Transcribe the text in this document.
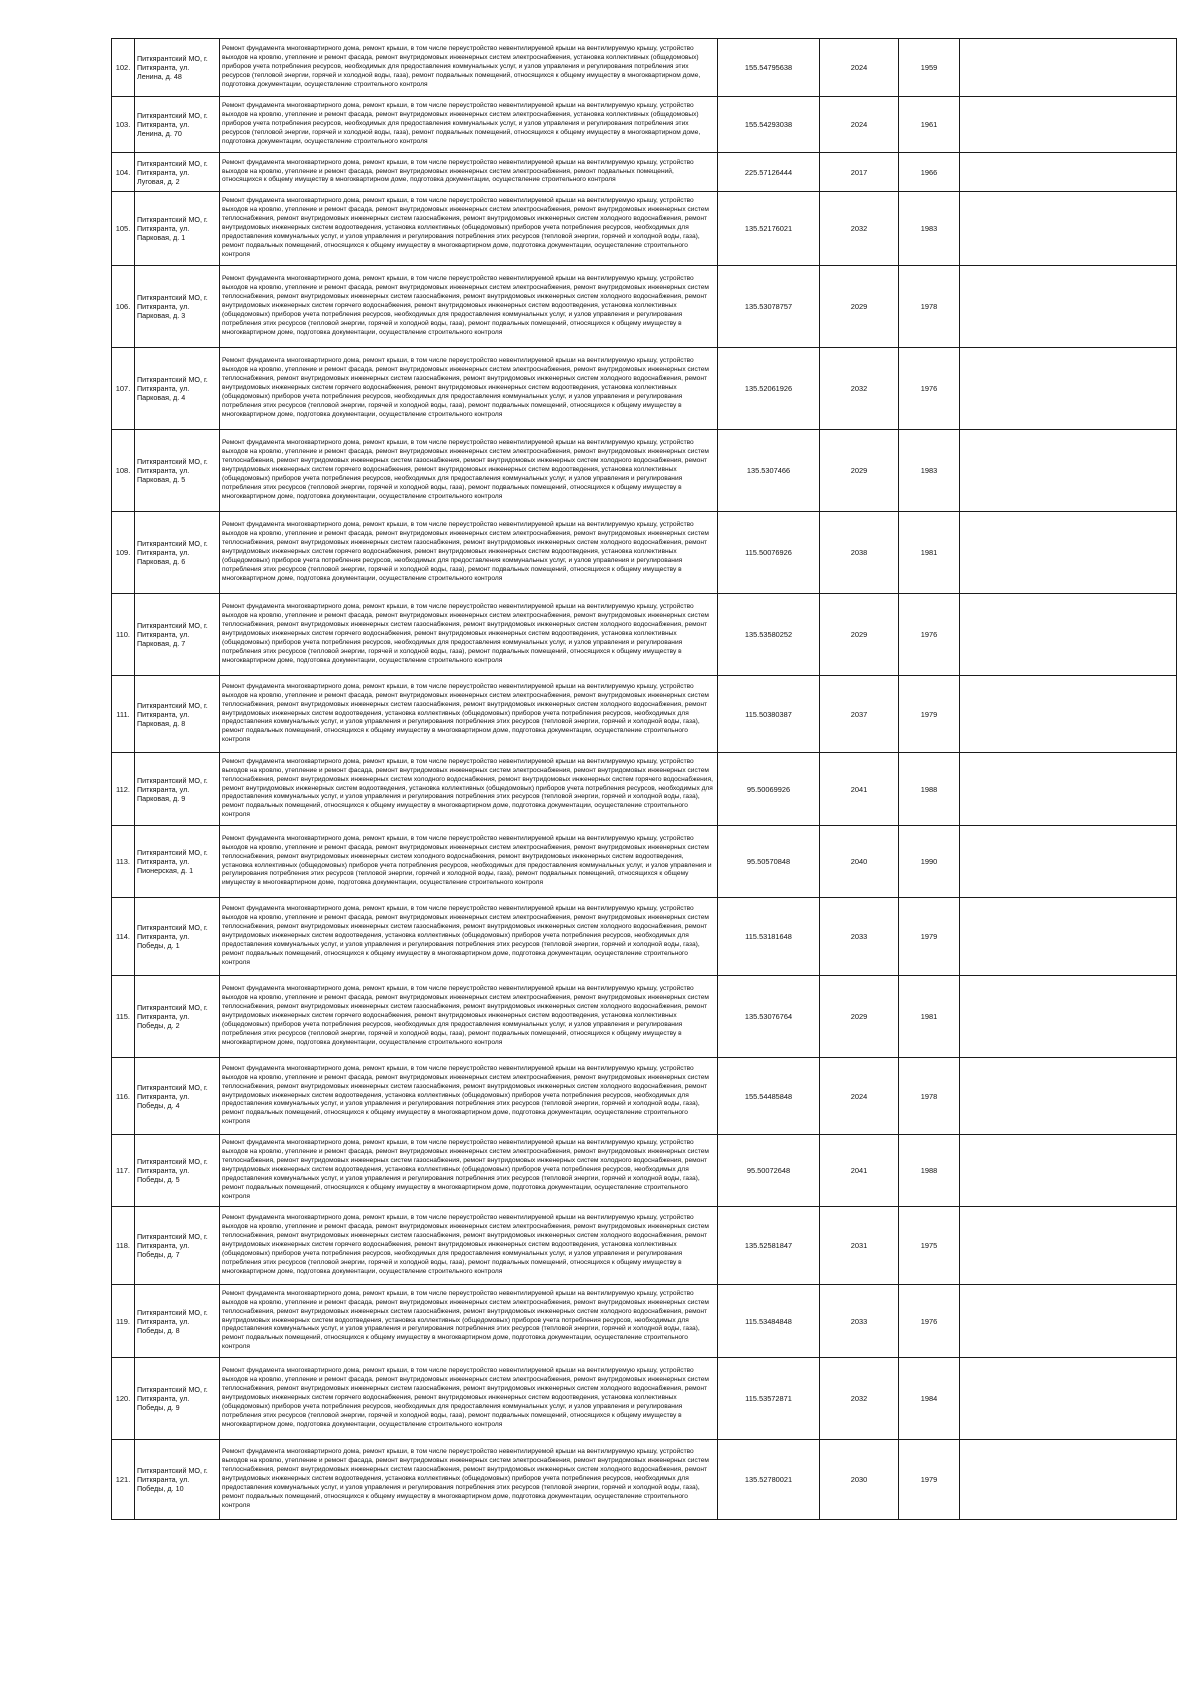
102.	Питкярантский МО, г. Питкяранта, ул. Ленина, д. 48	Ремонт фундамента многоквартирного дома, ремонт крыши, в том числе переустройство невентилируемой крыши на вентилируемую крышу, устройство выходов на кровлю, утепление и ремонт фасада, ремонт внутридомовых инженерных систем электроснабжения, установка коллективных (общедомовых) приборов учета потребления ресурсов, необходимых для предоставления коммунальных услуг, и узлов управления и регулирования потребления этих ресурсов (тепловой энергии, горячей и холодной воды, газа), ремонт подвальных помещений, относящихся к общему имуществу в многоквартирном доме, подготовка документации, осуществление строительного контроля	155.54795638	2024	1959	
103.	Питкярантский МО, г. Питкяранта, ул. Ленина, д. 70	Ремонт фундамента многоквартирного дома, ремонт крыши, в том числе переустройство невентилируемой крыши на вентилируемую крышу, устройство выходов на кровлю, утепление и ремонт фасада, ремонт внутридомовых инженерных систем электроснабжения, установка коллективных (общедомовых) приборов учета потребления ресурсов, необходимых для предоставления коммунальных услуг, и узлов управления и регулирования потребления этих ресурсов (тепловой энергии, горячей и холодной воды, газа), ремонт подвальных помещений, относящихся к общему имуществу в многоквартирном доме, подготовка документации, осуществление строительного контроля	155.54293038	2024	1961	
104.	Питкярантский МО, г. Питкяранта, ул. Луговая, д. 2	Ремонт фундамента многоквартирного дома, ремонт крыши, в том числе переустройство невентилируемой крыши на вентилируемую крышу, устройство выходов на кровлю, утепление и ремонт фасада, ремонт внутридомовых инженерных систем электроснабжения, ремонт подвальных помещений, относящихся к общему имуществу в многоквартирном доме, подготовка документации, осуществление строительного контроля	225.57126444	2017	1966	
105.	Питкярантский МО, г. Питкяранта, ул. Парковая, д. 1	Ремонт фундамента многоквартирного дома, ремонт крыши, в том числе переустройство невентилируемой крыши на вентилируемую крышу, устройство выходов на кровлю, утепление и ремонт фасада, ремонт внутридомовых инженерных систем электроснабжения, ремонт внутридомовых инженерных систем теплоснабжения, ремонт внутридомовых инженерных систем газоснабжения, ремонт внутридомовых инженерных систем холодного водоснабжения, ремонт внутридомовых инженерных систем водоотведения, установка коллективных (общедомовых) приборов учета потребления ресурсов, необходимых для предоставления коммунальных услуг, и узлов управления и регулирования потребления этих ресурсов (тепловой энергии, горячей и холодной воды, газа), ремонт подвальных помещений, относящихся к общему имуществу в многоквартирном доме, подготовка документации, осуществление строительного контроля	135.52176021	2032	1983	
106.	Питкярантский МО, г. Питкяранта, ул. Парковая, д. 3	Ремонт фундамента многоквартирного дома, ремонт крыши, в том числе переустройство невентилируемой крыши на вентилируемую крышу, устройство выходов на кровлю, утепление и ремонт фасада, ремонт внутридомовых инженерных систем электроснабжения, ремонт внутридомовых инженерных систем теплоснабжения, ремонт внутридомовых инженерных систем газоснабжения, ремонт внутридомовых инженерных систем холодного водоснабжения, ремонт внутридомовых инженерных систем горячего водоснабжения, ремонт внутридомовых инженерных систем водоотведения, установка коллективных (общедомовых) приборов учета потребления ресурсов, необходимых для предоставления коммунальных услуг, и узлов управления и регулирования потребления этих ресурсов (тепловой энергии, горячей и холодной воды, газа), ремонт подвальных помещений, относящихся к общему имуществу в многоквартирном доме, подготовка документации, осуществление строительного контроля	135.53078757	2029	1978	
107.	Питкярантский МО, г. Питкяранта, ул. Парковая, д. 4	Ремонт фундамента многоквартирного дома, ремонт крыши, в том числе переустройство невентилируемой крыши на вентилируемую крышу, устройство выходов на кровлю, утепление и ремонт фасада, ремонт внутридомовых инженерных систем электроснабжения, ремонт внутридомовых инженерных систем теплоснабжения, ремонт внутридомовых инженерных систем газоснабжения, ремонт внутридомовых инженерных систем холодного водоснабжения, ремонт внутридомовых инженерных систем горячего водоснабжения, ремонт внутридомовых инженерных систем водоотведения, установка коллективных (общедомовых) приборов учета потребления ресурсов, необходимых для предоставления коммунальных услуг, и узлов управления и регулирования потребления этих ресурсов (тепловой энергии, горячей и холодной воды, газа), ремонт подвальных помещений, относящихся к общему имуществу в многоквартирном доме, подготовка документации, осуществление строительного контроля	135.52061926	2032	1976	
108.	Питкярантский МО, г. Питкяранта, ул. Парковая, д. 5	Ремонт фундамента многоквартирного дома, ремонт крыши, в том числе переустройство невентилируемой крыши на вентилируемую крышу, устройство выходов на кровлю, утепление и ремонт фасада, ремонт внутридомовых инженерных систем электроснабжения, ремонт внутридомовых инженерных систем теплоснабжения, ремонт внутридомовых инженерных систем газоснабжения, ремонт внутридомовых инженерных систем холодного водоснабжения, ремонт внутридомовых инженерных систем горячего водоснабжения, ремонт внутридомовых инженерных систем водоотведения, установка коллективных (общедомовых) приборов учета потребления ресурсов, необходимых для предоставления коммунальных услуг, и узлов управления и регулирования потребления этих ресурсов (тепловой энергии, горячей и холодной воды, газа), ремонт подвальных помещений, относящихся к общему имуществу в многоквартирном доме, подготовка документации, осуществление строительного контроля	135.5307466	2029	1983	
109.	Питкярантский МО, г. Питкяранта, ул. Парковая, д. 6	Ремонт фундамента многоквартирного дома, ремонт крыши, в том числе переустройство невентилируемой крыши на вентилируемую крышу, устройство выходов на кровлю, утепление и ремонт фасада, ремонт внутридомовых инженерных систем электроснабжения, ремонт внутридомовых инженерных систем теплоснабжения, ремонт внутридомовых инженерных систем газоснабжения, ремонт внутридомовых инженерных систем холодного водоснабжения, ремонт внутридомовых инженерных систем горячего водоснабжения, ремонт внутридомовых инженерных систем водоотведения, установка коллективных (общедомовых) приборов учета потребления ресурсов, необходимых для предоставления коммунальных услуг, и узлов управления и регулирования потребления этих ресурсов (тепловой энергии, горячей и холодной воды, газа), ремонт подвальных помещений, относящихся к общему имуществу в многоквартирном доме, подготовка документации, осуществление строительного контроля	115.50076926	2038	1981	
110.	Питкярантский МО, г. Питкяранта, ул. Парковая, д. 7	Ремонт фундамента многоквартирного дома, ремонт крыши, в том числе переустройство невентилируемой крыши на вентилируемую крышу, устройство выходов на кровлю, утепление и ремонт фасада, ремонт внутридомовых инженерных систем электроснабжения, ремонт внутридомовых инженерных систем теплоснабжения, ремонт внутридомовых инженерных систем газоснабжения, ремонт внутридомовых инженерных систем холодного водоснабжения, ремонт внутридомовых инженерных систем горячего водоснабжения, ремонт внутридомовых инженерных систем водоотведения, установка коллективных (общедомовых) приборов учета потребления ресурсов, необходимых для предоставления коммунальных услуг, и узлов управления и регулирования потребления этих ресурсов (тепловой энергии, горячей и холодной воды, газа), ремонт подвальных помещений, относящихся к общему имуществу в многоквартирном доме, подготовка документации, осуществление строительного контроля	135.53580252	2029	1976	
111.	Питкярантский МО, г. Питкяранта, ул. Парковая, д. 8	Ремонт фундамента многоквартирного дома, ремонт крыши, в том числе переустройство невентилируемой крыши на вентилируемую крышу, устройство выходов на кровлю, утепление и ремонт фасада, ремонт внутридомовых инженерных систем электроснабжения, ремонт внутридомовых инженерных систем теплоснабжения, ремонт внутридомовых инженерных систем газоснабжения, ремонт внутридомовых инженерных систем холодного водоснабжения, ремонт внутридомовых инженерных систем водоотведения, установка коллективных (общедомовых) приборов учета потребления ресурсов, необходимых для предоставления коммунальных услуг, и узлов управления и регулирования потребления этих ресурсов (тепловой энергии, горячей и холодной воды, газа), ремонт подвальных помещений, относящихся к общему имуществу в многоквартирном доме, подготовка документации, осуществление строительного контроля	115.50380387	2037	1979	
112.	Питкярантский МО, г. Питкяранта, ул. Парковая, д. 9	Ремонт фундамента многоквартирного дома, ремонт крыши, в том числе переустройство невентилируемой крыши на вентилируемую крышу, устройство выходов на кровлю, утепление и ремонт фасада, ремонт внутридомовых инженерных систем электроснабжения, ремонт внутридомовых инженерных систем теплоснабжения, ремонт внутридомовых инженерных систем холодного водоснабжения, ремонт внутридомовых инженерных систем горячего водоснабжения, ремонт внутридомовых инженерных систем водоотведения, установка коллективных (общедомовых) приборов учета потребления ресурсов, необходимых для предоставления коммунальных услуг, и узлов управления и регулирования потребления этих ресурсов (тепловой энергии, горячей и холодной воды, газа), ремонт подвальных помещений, относящихся к общему имуществу в многоквартирном доме, подготовка документации, осуществление строительного контроля	95.50069926	2041	1988	
113.	Питкярантский МО, г. Питкяранта, ул. Пионерская, д. 1	Ремонт фундамента многоквартирного дома, ремонт крыши, в том числе переустройство невентилируемой крыши на вентилируемую крышу, устройство выходов на кровлю, утепление и ремонт фасада, ремонт внутридомовых инженерных систем электроснабжения, ремонт внутридомовых инженерных систем теплоснабжения, ремонт внутридомовых инженерных систем холодного водоснабжения, ремонт внутридомовых инженерных систем водоотведения, установка коллективных (общедомовых) приборов учета потребления ресурсов, необходимых для предоставления коммунальных услуг, и узлов управления и регулирования потребления этих ресурсов (тепловой энергии, горячей и холодной воды, газа), ремонт подвальных помещений, относящихся к общему имуществу в многоквартирном доме, подготовка документации, осуществление строительного контроля	95.50570848	2040	1990	
114.	Питкярантский МО, г. Питкяранта, ул. Победы, д. 1	Ремонт фундамента многоквартирного дома, ремонт крыши, в том числе переустройство невентилируемой крыши на вентилируемую крышу, устройство выходов на кровлю, утепление и ремонт фасада, ремонт внутридомовых инженерных систем электроснабжения, ремонт внутридомовых инженерных систем теплоснабжения, ремонт внутридомовых инженерных систем газоснабжения, ремонт внутридомовых инженерных систем холодного водоснабжения, ремонт внутридомовых инженерных систем водоотведения, установка коллективных (общедомовых) приборов учета потребления ресурсов, необходимых для предоставления коммунальных услуг, и узлов управления и регулирования потребления этих ресурсов (тепловой энергии, горячей и холодной воды, газа), ремонт подвальных помещений, относящихся к общему имуществу в многоквартирном доме, подготовка документации, осуществление строительного контроля	115.53181648	2033	1979	
115.	Питкярантский МО, г. Питкяранта, ул. Победы, д. 2	Ремонт фундамента многоквартирного дома, ремонт крыши, в том числе переустройство невентилируемой крыши на вентилируемую крышу, устройство выходов на кровлю, утепление и ремонт фасада, ремонт внутридомовых инженерных систем электроснабжения, ремонт внутридомовых инженерных систем теплоснабжения, ремонт внутридомовых инженерных систем газоснабжения, ремонт внутридомовых инженерных систем холодного водоснабжения, ремонт внутридомовых инженерных систем горячего водоснабжения, ремонт внутридомовых инженерных систем водоотведения, установка коллективных (общедомовых) приборов учета потребления ресурсов, необходимых для предоставления коммунальных услуг, и узлов управления и регулирования потребления этих ресурсов (тепловой энергии, горячей и холодной воды, газа), ремонт подвальных помещений, относящихся к общему имуществу в многоквартирном доме, подготовка документации, осуществление строительного контроля	135.53076764	2029	1981	
116.	Питкярантский МО, г. Питкяранта, ул. Победы, д. 4	Ремонт фундамента многоквартирного дома, ремонт крыши, в том числе переустройство невентилируемой крыши на вентилируемую крышу, устройство выходов на кровлю, утепление и ремонт фасада, ремонт внутридомовых инженерных систем электроснабжения, ремонт внутридомовых инженерных систем теплоснабжения, ремонт внутридомовых инженерных систем газоснабжения, ремонт внутридомовых инженерных систем холодного водоснабжения, ремонт внутридомовых инженерных систем водоотведения, установка коллективных (общедомовых) приборов учета потребления ресурсов, необходимых для предоставления коммунальных услуг, и узлов управления и регулирования потребления этих ресурсов (тепловой энергии, горячей и холодной воды, газа), ремонт подвальных помещений, относящихся к общему имуществу в многоквартирном доме, подготовка документации, осуществление строительного контроля	155.54485848	2024	1978	
117.	Питкярантский МО, г. Питкяранта, ул. Победы, д. 5	Ремонт фундамента многоквартирного дома, ремонт крыши, в том числе переустройство невентилируемой крыши на вентилируемую крышу, устройство выходов на кровлю, утепление и ремонт фасада, ремонт внутридомовых инженерных систем электроснабжения, ремонт внутридомовых инженерных систем теплоснабжения, ремонт внутридомовых инженерных систем газоснабжения, ремонт внутридомовых инженерных систем холодного водоснабжения, ремонт внутридомовых инженерных систем водоотведения, установка коллективных (общедомовых) приборов учета потребления ресурсов, необходимых для предоставления коммунальных услуг, и узлов управления и регулирования потребления этих ресурсов (тепловой энергии, горячей и холодной воды, газа), ремонт подвальных помещений, относящихся к общему имуществу в многоквартирном доме, подготовка документации, осуществление строительного контроля	95.50072648	2041	1988	
118.	Питкярантский МО, г. Питкяранта, ул. Победы, д. 7	Ремонт фундамента многоквартирного дома, ремонт крыши, в том числе переустройство невентилируемой крыши на вентилируемую крышу, устройство выходов на кровлю, утепление и ремонт фасада, ремонт внутридомовых инженерных систем электроснабжения, ремонт внутридомовых инженерных систем теплоснабжения, ремонт внутридомовых инженерных систем газоснабжения, ремонт внутридомовых инженерных систем холодного водоснабжения, ремонт внутридомовых инженерных систем горячего водоснабжения, ремонт внутридомовых инженерных систем водоотведения, установка коллективных (общедомовых) приборов учета потребления ресурсов, необходимых для предоставления коммунальных услуг, и узлов управления и регулирования потребления этих ресурсов (тепловой энергии, горячей и холодной воды, газа), ремонт подвальных помещений, относящихся к общему имуществу в многоквартирном доме, подготовка документации, осуществление строительного контроля	135.52581847	2031	1975	
119.	Питкярантский МО, г. Питкяранта, ул. Победы, д. 8	Ремонт фундамента многоквартирного дома, ремонт крыши, в том числе переустройство невентилируемой крыши на вентилируемую крышу, устройство выходов на кровлю, утепление и ремонт фасада, ремонт внутридомовых инженерных систем электроснабжения, ремонт внутридомовых инженерных систем теплоснабжения, ремонт внутридомовых инженерных систем газоснабжения, ремонт внутридомовых инженерных систем холодного водоснабжения, ремонт внутридомовых инженерных систем водоотведения, установка коллективных (общедомовых) приборов учета потребления ресурсов, необходимых для предоставления коммунальных услуг, и узлов управления и регулирования потребления этих ресурсов (тепловой энергии, горячей и холодной воды, газа), ремонт подвальных помещений, относящихся к общему имуществу в многоквартирном доме, подготовка документации, осуществление строительного контроля	115.53484848	2033	1976	
120.	Питкярантский МО, г. Питкяранта, ул. Победы, д. 9	Ремонт фундамента многоквартирного дома, ремонт крыши, в том числе переустройство невентилируемой крыши на вентилируемую крышу, устройство выходов на кровлю, утепление и ремонт фасада, ремонт внутридомовых инженерных систем электроснабжения, ремонт внутридомовых инженерных систем теплоснабжения, ремонт внутридомовых инженерных систем газоснабжения, ремонт внутридомовых инженерных систем холодного водоснабжения, ремонт внутридомовых инженерных систем горячего водоснабжения, ремонт внутридомовых инженерных систем водоотведения, установка коллективных (общедомовых) приборов учета потребления ресурсов, необходимых для предоставления коммунальных услуг, и узлов управления и регулирования потребления этих ресурсов (тепловой энергии, горячей и холодной воды, газа), ремонт подвальных помещений, относящихся к общему имуществу в многоквартирном доме, подготовка документации, осуществление строительного контроля	115.53572871	2032	1984	
121.	Питкярантский МО, г. Питкяранта, ул. Победы, д. 10	Ремонт фундамента многоквартирного дома, ремонт крыши, в том числе переустройство невентилируемой крыши на вентилируемую крышу, устройство выходов на кровлю, утепление и ремонт фасада, ремонт внутридомовых инженерных систем электроснабжения, ремонт внутридомовых инженерных систем теплоснабжения, ремонт внутридомовых инженерных систем газоснабжения, ремонт внутридомовых инженерных систем холодного водоснабжения, ремонт внутридомовых инженерных систем водоотведения, установка коллективных (общедомовых) приборов учета потребления ресурсов, необходимых для предоставления коммунальных услуг, и узлов управления и регулирования потребления этих ресурсов (тепловой энергии, горячей и холодной воды, газа), ремонт подвальных помещений, относящихся к общему имуществу в многоквартирном доме, подготовка документации, осуществление строительного контроля	135.52780021	2030	1979	
